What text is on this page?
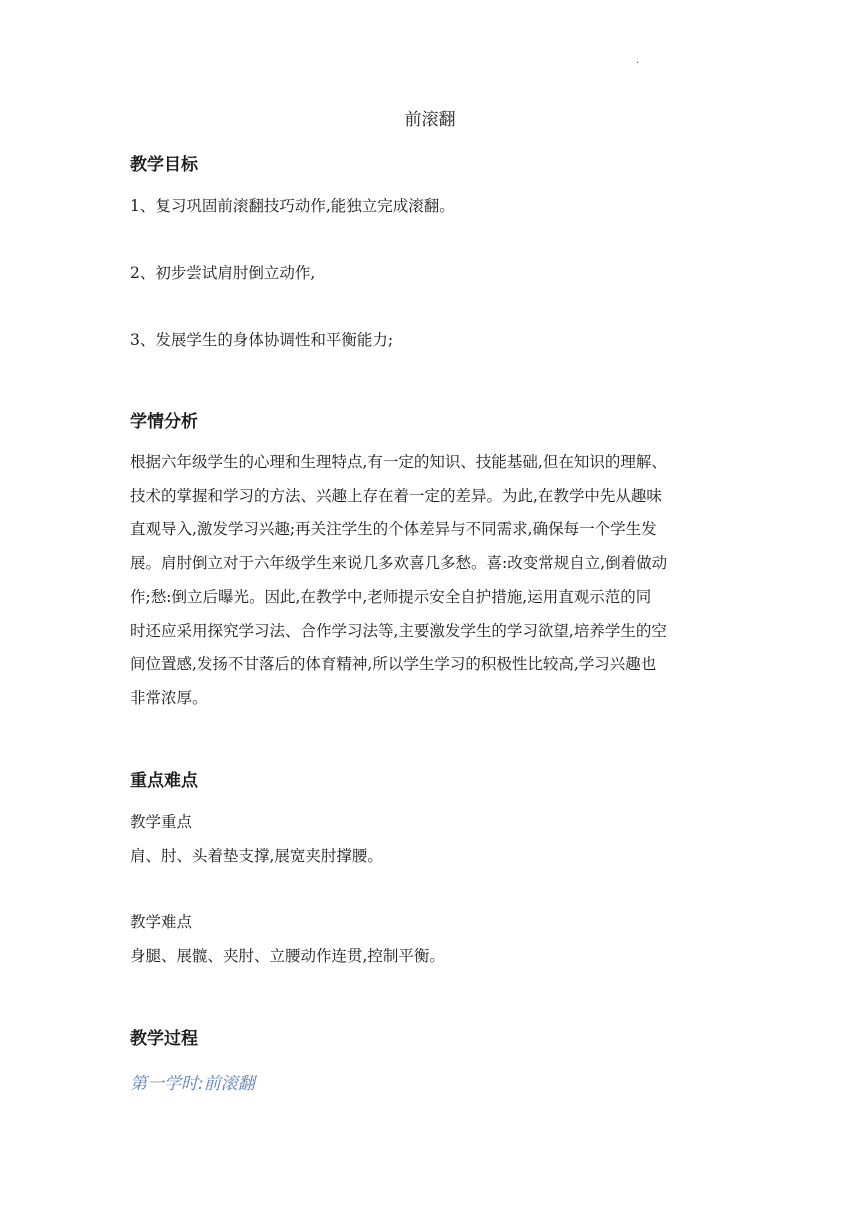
.
前滚翻
教学目标
1、复习巩固前滚翻技巧动作,能独立完成滚翻。
2、初步尝试肩肘倒立动作,
3、发展学生的身体协调性和平衡能力;
学情分析
根据六年级学生的心理和生理特点,有一定的知识、技能基础,但在知识的理解、
技术的掌握和学习的方法、兴趣上存在着一定的差异。为此,在教学中先从趣味
直观导入,激发学习兴趣;再关注学生的个体差异与不同需求,确保每一个学生发
展。肩肘倒立对于六年级学生来说几多欢喜几多愁。喜:改变常规自立,倒着做动
作;愁:倒立后曝光。因此,在教学中,老师提示安全自护措施,运用直观示范的同
时还应采用探究学习法、合作学习法等,主要激发学生的学习欲望,培养学生的空
间位置感,发扬不甘落后的体育精神,所以学生学习的积极性比较高,学习兴趣也
非常浓厚。
重点难点
教学重点
肩、肘、头着垫支撑,展宽夹肘撑腰。
教学难点
身腿、展髋、夹肘、立腰动作连贯,控制平衡。
教学过程
第一学时:前滚翻
